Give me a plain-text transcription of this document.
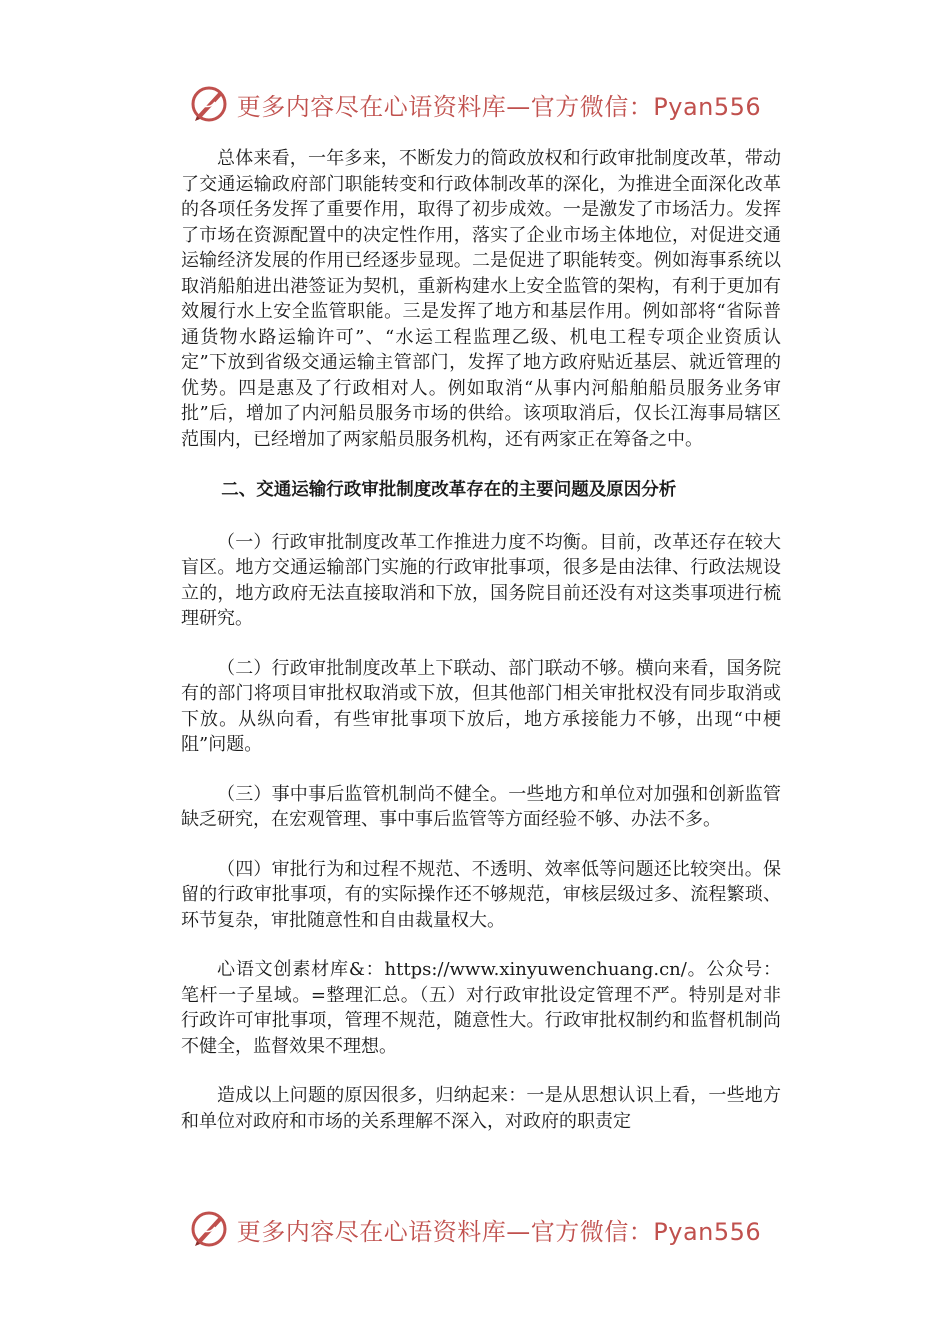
更多内容尽在心语资料库—官方微信：Pyan556

总体来看，一年多来，不断发力的简政放权和行政审批制度改革，带动了交通运输政府部门职能转变和行政体制改革的深化，为推进全面深化改革的各项任务发挥了重要作用，取得了初步成效。一是激发了市场活力。发挥了市场在资源配置中的决定性作用，落实了企业市场主体地位，对促进交通运输经济发展的作用已经逐步显现。二是促进了职能转变。例如海事系统以取消船舶进出港签证为契机，重新构建水上安全监管的架构，有利于更加有效履行水上安全监管职能。三是发挥了地方和基层作用。例如部将“省际普通货物水路运输许可”、“水运工程监理乙级、机电工程专项企业资质认定”下放到省级交通运输主管部门，发挥了地方政府贴近基层、就近管理的优势。四是惠及了行政相对人。例如取消“从事内河船舶船员服务业务审批”后，增加了内河船员服务市场的供给。该项取消后，仅长江海事局辖区范围内，已经增加了两家船员服务机构，还有两家正在筹备之中。

二、交通运输行政审批制度改革存在的主要问题及原因分析

（一）行政审批制度改革工作推进力度不均衡。目前，改革还存在较大盲区。地方交通运输部门实施的行政审批事项，很多是由法律、行政法规设立的，地方政府无法直接取消和下放，国务院目前还没有对这类事项进行梳理研究。

（二）行政审批制度改革上下联动、部门联动不够。横向来看，国务院有的部门将项目审批权取消或下放，但其他部门相关审批权没有同步取消或下放。从纵向看，有些审批事项下放后，地方承接能力不够，出现“中梗阻”问题。

（三）事中事后监管机制尚不健全。一些地方和单位对加强和创新监管缺乏研究，在宏观管理、事中事后监管等方面经验不够、办法不多。

（四）审批行为和过程不规范、不透明、效率低等问题还比较突出。保留的行政审批事项，有的实际操作还不够规范，审核层级过多、流程繁琐、环节复杂，审批随意性和自由裁量权大。

心语文创素材库&：https://www.xinyuwenchuang.cn/。公众号：笔杆一子星域。=整理汇总。（五）对行政审批设定管理不严。特别是对非行政许可审批事项，管理不规范，随意性大。行政审批权制约和监督机制尚不健全，监督效果不理想。

造成以上问题的原因很多，归纳起来：一是从思想认识上看，一些地方和单位对政府和市场的关系理解不深入，对政府的职责定

更多内容尽在心语资料库—官方微信：Pyan556
